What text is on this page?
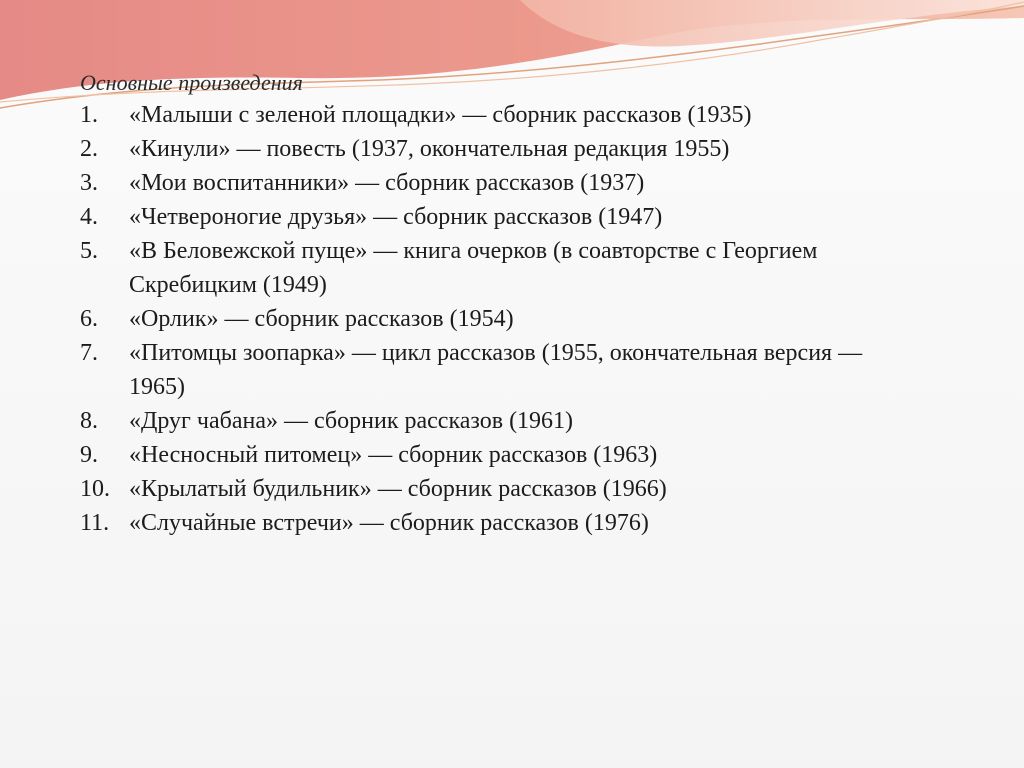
Основные произведения
1.	«Малыши с зеленой площадки» — сборник рассказов (1935)
2.	«Кинули» — повесть (1937, окончательная редакция 1955)
3.	«Мои воспитанники» — сборник рассказов (1937)
4.	«Четвероногие друзья» — сборник рассказов (1947)
5.	«В Беловежской пуще» — книга очерков (в соавторстве с Георгием Скребицким (1949)
6.	«Орлик» — сборник рассказов (1954)
7.	«Питомцы зоопарка» — цикл рассказов (1955, окончательная версия — 1965)
8.	«Друг чабана» — сборник рассказов (1961)
9.	«Несносный питомец» — сборник рассказов (1963)
10. «Крылатый будильник» — сборник рассказов (1966)
11. «Случайные встречи» — сборник рассказов (1976)
